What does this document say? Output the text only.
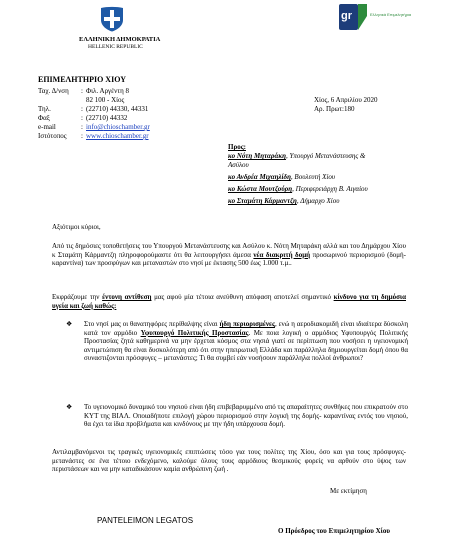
ΕΛΛΗΝΙΚΗ ΔΗΜΟΚΡΑΤΙΑ
HELLENIC REPUBLIC
gr	Ελληνικά Επιμελητήρια
ΕΠΙΜΕΛΗΤΗΡΙΟ ΧΙΟΥ
Ταχ. Δ/νση : Φιλ. Αργέντη 8
82 100 - Χίος
Τηλ.	: (22710) 44330, 44331
Φαξ	: (22710) 44332
e-mail	: info@chioschamber.gr
Ιστότοπος : www.chioschamber.gr
Χίος, 6 Απριλίου 2020
Αρ. Πρωτ:180
Προς:
κο Νότη Μηταράκη, Υπουργό Μετανάστευσης &
Ασύλου
κο Ανδρέα Μιχαηλίδη, Βουλευτή Χίου
κο Κώστα Μουτζούρη, Περιφερειάρχη Β. Αιγαίου
κο Σταμάτη Κάρμαντζη, Δήμαρχο Χίου
Αξιότιμοι κύριοι,
Από τις δημόσιες τοποθετήσεις του Υπουργού Μετανάστευσης και Ασύλου κ. Νότη Μηταράκη αλλά και του Δημάρχου Χίου κ Σταμάτη Κάρμαντζη πληροφορούμαστε ότι θα λειτουργήσει άμεσα νέα διακριτή δομή προσωρινού περιορισμού (δομή-καραντίνα) των προσφύγων και μεταναστών στο νησί με έκτασης 500 έως 1.000 τ.μ..
Εκφράζουμε την έντονη αντίθεση μας αφού μία τέτοια ανεύθυνη απόφαση αποτελεί σημαντικό κίνδυνο για τη δημόσια υγεία και ζωή καθώς:
❖ Στο νησί μας οι θανατηφόρες περίθαλψης είναι ήδη περιορισμένες, ενώ η αεροδιακομιδή είναι ιδιαίτερα δύσκολη κατά τον αρμόδιο Υφυπουργό Πολιτικής Προστασίας. Με ποια λογική ο αρμόδιος Υφυπουργός Πολιτικής Προστασίας ζητά καθημερινά να μην έρχεται κόσμος στα νησιά γιατί σε περίπτωση που νοσήσει η υγειονομική αντιμετώπιση θα είναι δυσκολότερη από ότι στην ηπειρωτική Ελλάδα και παράλληλα δημιουργείται δομή όπου θα συναστιζονται πρόσφυγες – μετανάστες; Τι θα συμβεί εάν νοσήσουν παράλληλα πολλοί άνθρωποι?
❖ Το υγειονομικό δυναμικό του νησιού είναι ήδη επιβεβαρυμμένο από τις απαραίτητες συνθήκες που επικρατούν στο ΚΥΤ της ΒΙΑΛ. Οποιαδήποτε επιλογή χώρου περιορισμού στην λογική της δομής- καραντίνας εντός του νησιού, θα έχει τα ίδια προβλήματα και κινδύνους με την ήδη υπάρχουσα δομή.
Αντιλαμβανόμενοι τις τραγικές υγειονομικές επιπτώσεις τόσο για τους πολίτες της Χίου, όσο και για τους πρόσφυγες-μετανάστες σε ένα τέτοιο ενδεχόμενο, καλούμε όλους τους αρμόδιους θεσμικούς φορείς να αρθούν στο ύψος των περιστάσεων και να μην καταδικάσουν καμία ανθρώπινη ζωή .
Με εκτίμηση
PANTELEIMON LEGATOS
Ο Πρόεδρος του Επιμελητηρίου Χίου
